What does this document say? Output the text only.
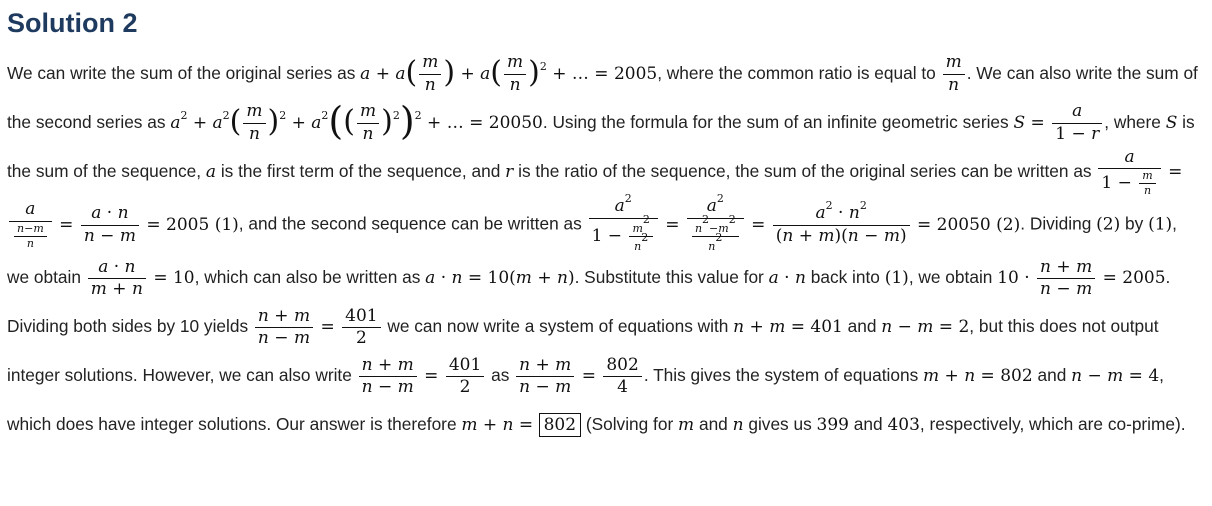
Solution 2

We can write the sum of the original series as $a + a( \frac{m}{n}$ ) + $a( \frac{m}{n} )^2$ + … = 2005, where the common ratio is equal to $\frac{m}{n}$ . We can also write the sum of the second series as $a^2 + a^2( \frac{m}{n} )^2 + a^2(( \frac{m}{n} )^2)^2$ + … = 20050. Using the formula for the sum of an infinite geometric series $S = \frac{a}{1 - r}$ , where S is the sum of the sequence, a is the first term of the sequence, and r is the ratio of the sequence, the sum of the original series can be written as $\frac{a}{1 - \frac{m}{n}}$ =
$\frac{a}{\frac{n-m}{n}} = \frac{a \cdot n}{n - m} = 2005$ (1), and the second sequence can be written as $\frac{a^2}{1 - \frac{m^2}{n^2}} = \frac{a^2}{\frac{n^2-m^2}{n^2}} = \frac{a^2 \cdot n^2}{(n + m)(n - m)} = 20050$ (2). Dividing (2) by (1), we obtain $\frac{a \cdot n}{m + n} = 10$, which can also be written as a · n = 10(m + n). Substitute this value for a · n back into (1), we obtain $10 \cdot \frac{n + m}{n - m} = 2005$. Dividing both sides by 10 yields $\frac{n + m}{n - m} = \frac{401}{2}$ we can now write a system of equations with n + m = 401 and n − m = 2, but this does not output integer solutions. However, we can also write $\frac{n + m}{n - m} = \frac{401}{2}$ as $\frac{n + m}{n - m} = \frac{802}{4}$ . This gives the system of equations m + n = 802 and n − m = 4, which does have integer solutions. Our answer is therefore m + n = 802 (Solving for m and n gives us 399 and 403, respectively, which are co-prime).
